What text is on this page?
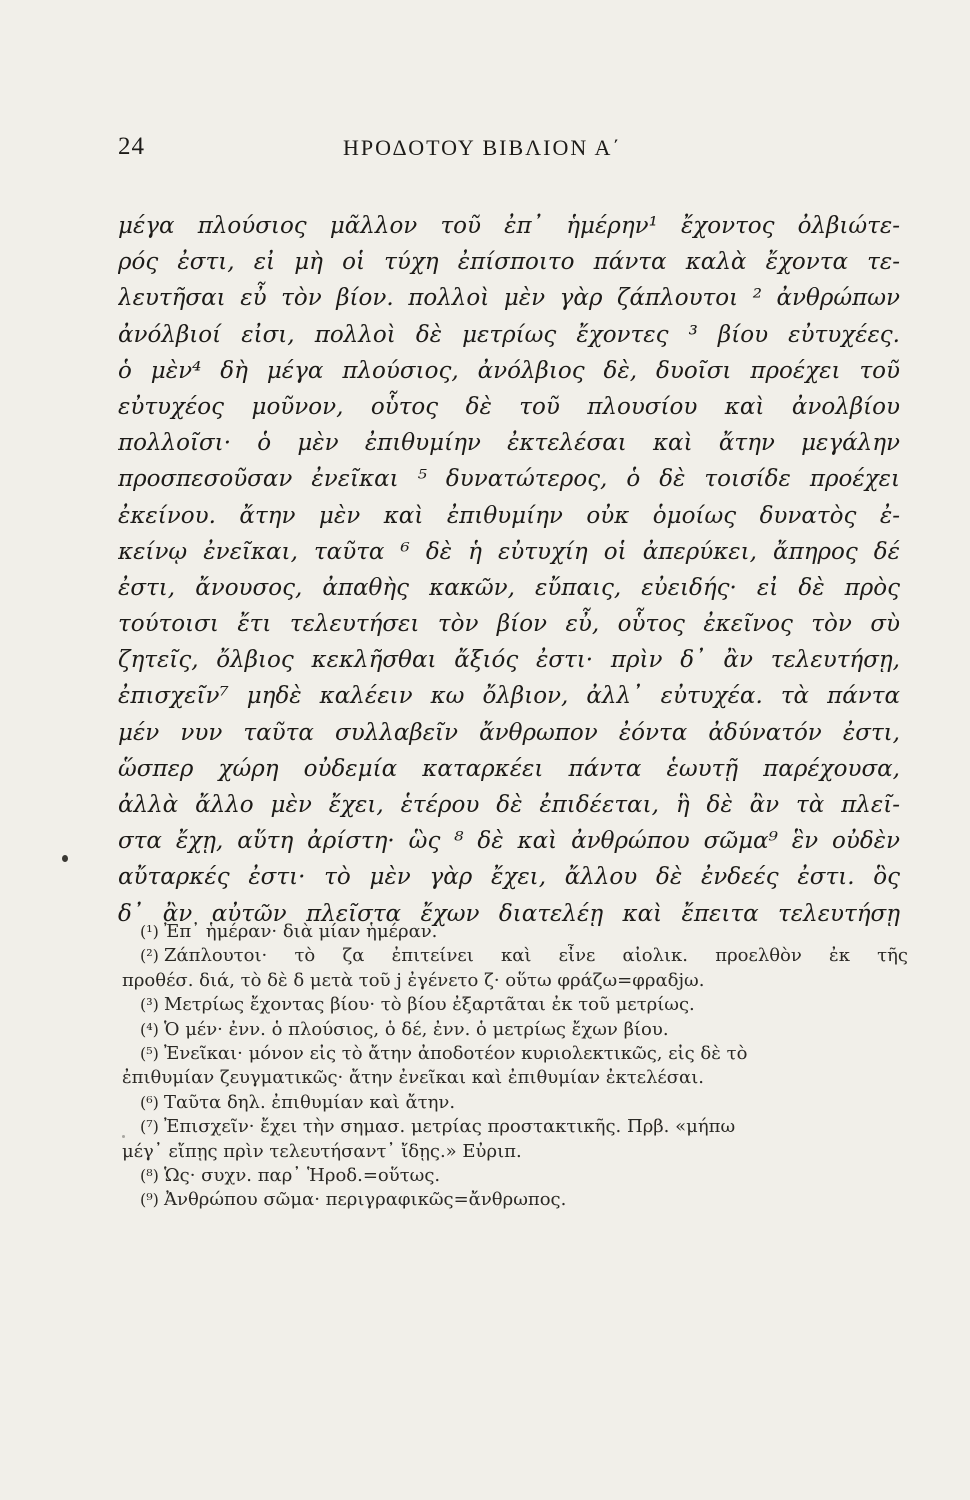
24	ΗΡΟΔΟΤΟΥ ΒΙΒΛΙΟΝ Α΄
μέγα πλούσιος μᾶλλον τοῦ ἐπ᾽ ἡμέρην¹ ἔχοντος ὀλβιώτε-
ρός ἐστι, εἰ μὴ οἱ τύχη ἐπίσποιτο πάντα καλὰ ἔχοντα τε-
λευτῆσαι εὖ τὸν βίον. πολλοὶ μὲν γὰρ ζάπλουτοι ² ἀνθρώπων
ἀνόλβιοί εἰσι, πολλοὶ δὲ μετρίως ἔχοντες ³ βίου εὐτυχέες.
ὁ μὲν⁴ δὴ μέγα πλούσιος, ἀνόλβιος δὲ, δυοῖσι προέχει τοῦ
εὐτυχέος μοῦνον, οὗτος δὲ τοῦ πλουσίου καὶ ἀνολβίου
πολλοῖσι· ὁ μὲν ἐπιθυμίην ἐκτελέσαι καὶ ἄτην μεγάλην
προσπεσοῦσαν ἐνεῖκαι ⁵ δυνατώτερος, ὁ δὲ τοισίδε προέχει
ἐκείνου. ἄτην μὲν καὶ ἐπιθυμίην οὐκ ὁμοίως δυνατὸς ἐ-
κείνῳ ἐνεῖκαι, ταῦτα ⁶ δὲ ἡ εὐτυχίη οἱ ἀπερύκει, ἄπηρος δέ
ἐστι, ἄνουσος, ἀπαθὴς κακῶν, εὔπαις, εὐειδής· εἰ δὲ πρὸς
τούτοισι ἔτι τελευτήσει τὸν βίον εὖ, οὗτος ἐκεῖνος τὸν σὺ
ζητεῖς, ὄλβιος κεκλῆσθαι ἄξιός ἐστι· πρὶν δ᾽ ἂν τελευτήσῃ,
ἐπισχεῖν⁷ μηδὲ καλέειν κω ὄλβιον, ἀλλ᾽ εὐτυχέα. τὰ πάντα
μέν νυν ταῦτα συλλαβεῖν ἄνθρωπον ἐόντα ἀδύνατόν ἐστι,
ὥσπερ χώρη οὐδεμία καταρκέει πάντα ἑωυτῇ παρέχουσα,
ἀλλὰ ἄλλο μὲν ἔχει, ἑτέρου δὲ ἐπιδέεται, ἣ δὲ ἂν τὰ πλεῖ-
στα ἔχῃ, αὕτη ἀρίστη· ὣς ⁸ δὲ καὶ ἀνθρώπου σῶμα⁹ ἓν οὐδὲν
αὔταρκές ἐστι· τὸ μὲν γὰρ ἔχει, ἄλλου δὲ ἐνδεές ἐστι. ὃς
δ᾽ ἂν αὐτῶν πλεῖστα ἔχων διατελέῃ καὶ ἔπειτα τελευτήσῃ
(¹) Ἐπ᾽ ἡμέραν· διὰ μίαν ἡμέραν.
(²) Ζάπλουτοι· τὸ ζα ἐπιτείνει καὶ εἶνε αἰολικ. προελθὸν ἐκ τῆς
προθέσ. διά, τὸ δὲ δ μετὰ τοῦ j ἐγένετο ζ· οὕτω φράζω=φραδjω.
(³) Μετρίως ἔχοντας βίου· τὸ βίου ἐξαρτᾶται ἐκ τοῦ μετρίως.
(⁴) Ὁ μέν· ἐνν. ὁ πλούσιος, ὁ δέ, ἐνν. ὁ μετρίως ἔχων βίου.
(⁵) Ἐνεῖκαι· μόνον εἰς τὸ ἄτην ἀποδοτέον κυριολεκτικῶς, εἰς δὲ τὸ
ἐπιθυμίαν ζευγματικῶς· ἄτην ἐνεῖκαι καὶ ἐπιθυμίαν ἐκτελέσαι.
(⁶) Ταῦτα δηλ. ἐπιθυμίαν καὶ ἄτην.
(⁷) Ἐπισχεῖν· ἔχει τὴν σημασ. μετρίας προστακτικῆς. Πρβ. «μήπω
μέγ᾽ εἴπῃς πρὶν τελευτήσαντ᾽ ἴδῃς.» Εὐριπ.
(⁸) Ὡς· συχν. παρ᾽ Ἡροδ.=οὕτως.
(⁹) Ἀνθρώπου σῶμα· περιγραφικῶς=ἄνθρωπος.
